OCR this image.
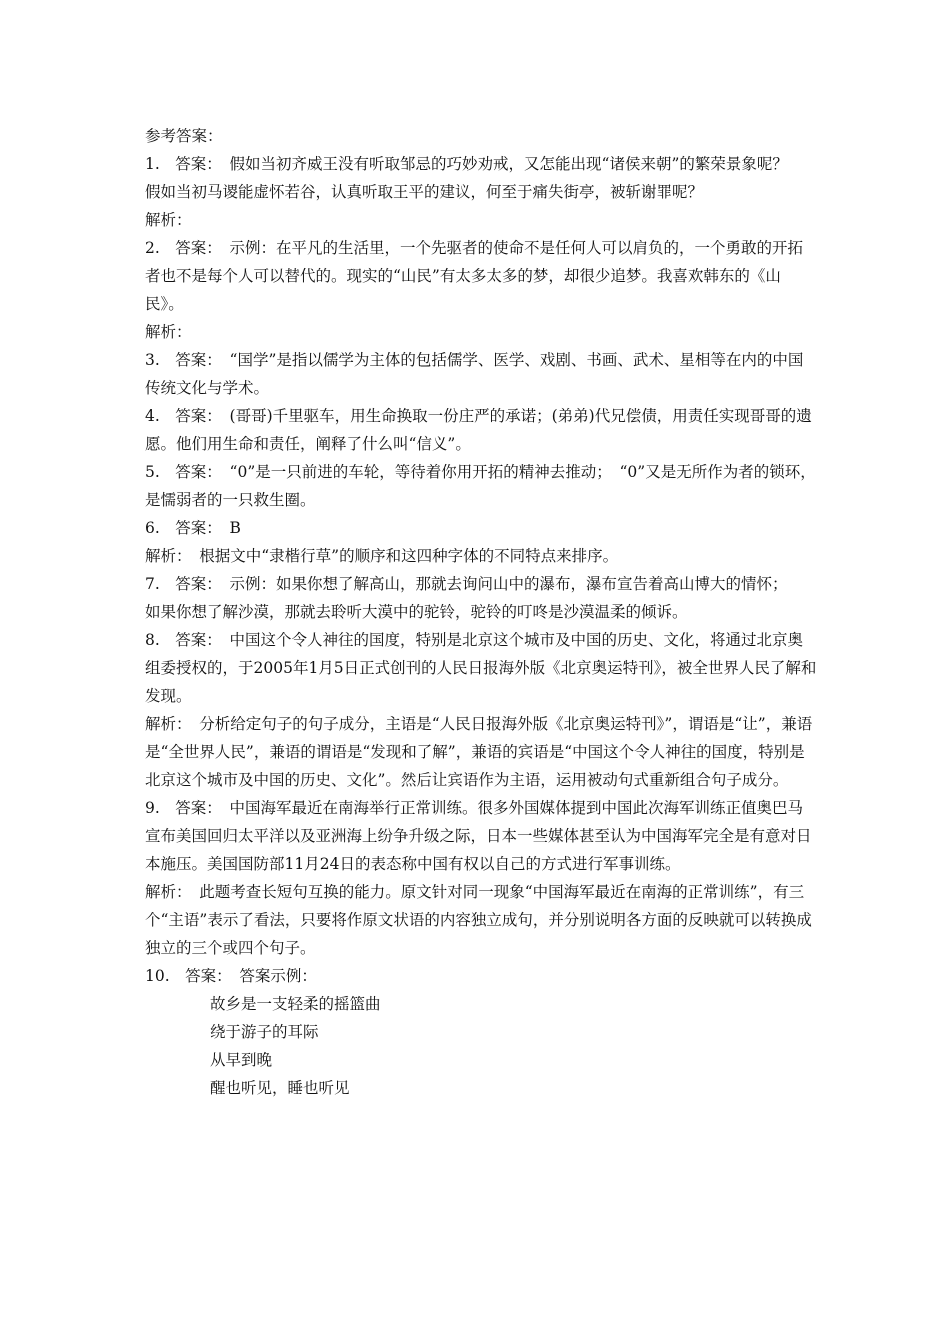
参考答案：

1.　答案：　假如当初齐威王没有听取邹忌的巧妙劝戒，又怎能出现“诸侯来朝”的繁荣景象呢？

假如当初马谡能虚怀若谷，认真听取王平的建议，何至于痛失街亭，被斩谢罪呢？

解析：

2.　答案：　示例：在平凡的生活里，一个先驱者的使命不是任何人可以肩负的，一个勇敢的开拓者也不是每个人可以替代的。现实的“山民”有太多太多的梦，却很少追梦。我喜欢韩东的《山民》。

解析：

3.　答案：　“国学”是指以儒学为主体的包括儒学、医学、戏剧、书画、武术、星相等在内的中国传统文化与学术。

4.　答案：　(哥哥)千里驱车，用生命换取一份庄严的承诺；(弟弟)代兄偿债，用责任实现哥哥的遗愿。他们用生命和责任，阐释了什么叫“信义”。

5.　答案：　“0”是一只前进的车轮，等待着你用开拓的精神去推动；　“0”又是无所作为者的锁环，是懦弱者的一只救生圈。

6.　答案：　B

解析：　根据文中“隶楷行草”的顺序和这四种字体的不同特点来排序。

7.　答案：　示例：如果你想了解高山，那就去询问山中的瀑布，瀑布宣告着高山博大的情怀；

如果你想了解沙漠，那就去聆听大漠中的驼铃，驼铃的叮咚是沙漠温柔的倾诉。

8.　答案：　中国这个令人神往的国度，特别是北京这个城市及中国的历史、文化，将通过北京奥组委授权的，于2005年1月5日正式创刊的人民日报海外版《北京奥运特刊》，被全世界人民了解和发现。

解析：　分析给定句子的句子成分，主语是“人民日报海外版《北京奥运特刊》”，谓语是“让”，兼语是“全世界人民”，兼语的谓语是“发现和了解”，兼语的宾语是“中国这个令人神往的国度，特别是北京这个城市及中国的历史、文化”。然后让宾语作为主语，运用被动句式重新组合句子成分。

9.　答案：　中国海军最近在南海举行正常训练。很多外国媒体提到中国此次海军训练正值奥巴马宣布美国回归太平洋以及亚洲海上纷争升级之际，日本一些媒体甚至认为中国海军完全是有意对日本施压。美国国防部11月24日的表态称中国有权以自己的方式进行军事训练。

解析：　此题考查长短句互换的能力。原文针对同一现象“中国海军最近在南海的正常训练”，有三个“主语”表示了看法，只要将作原文状语的内容独立成句，并分别说明各方面的反映就可以转换成独立的三个或四个句子。

10.　答案：　答案示例：

故乡是一支轻柔的摇篮曲

绕于游子的耳际

从早到晚

醒也听见，睡也听见
